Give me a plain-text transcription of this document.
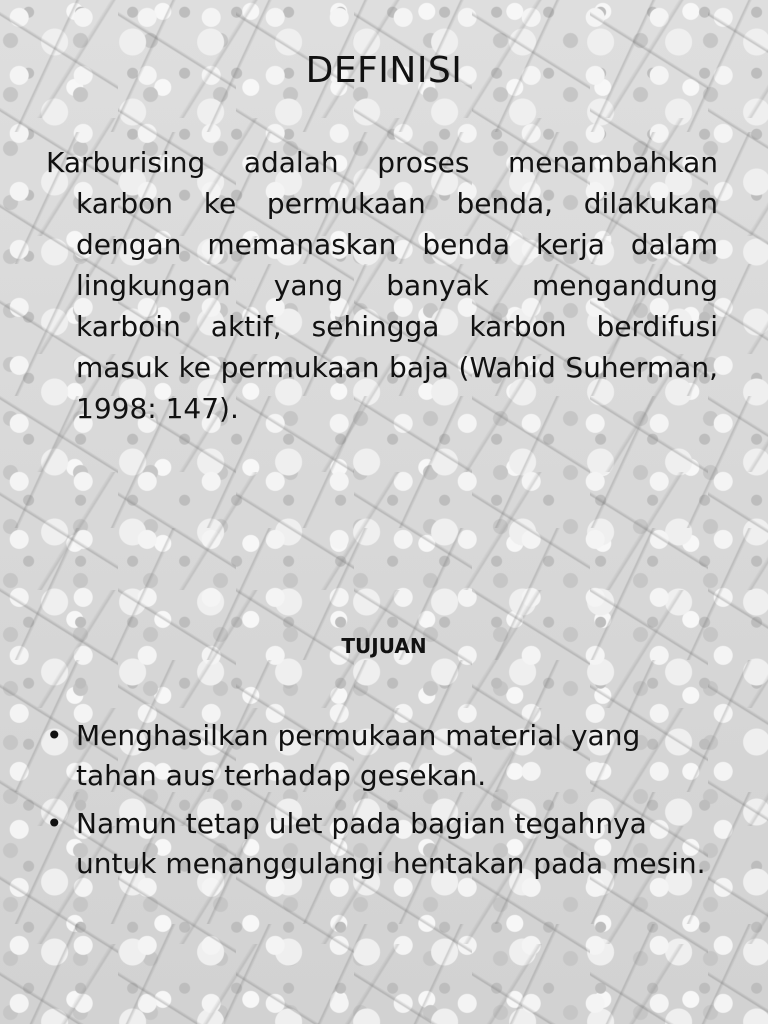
DEFINISI
Karburising adalah proses menambahkan karbon ke permukaan benda, dilakukan dengan memanaskan benda kerja dalam lingkungan yang banyak mengandung karboin aktif, sehingga karbon berdifusi masuk ke permukaan baja (Wahid Suherman, 1998: 147).
TUJUAN
• Menghasilkan permukaan material yang tahan aus terhadap gesekan.
• Namun tetap ulet pada bagian tegahnya untuk menanggulangi hentakan pada mesin.
